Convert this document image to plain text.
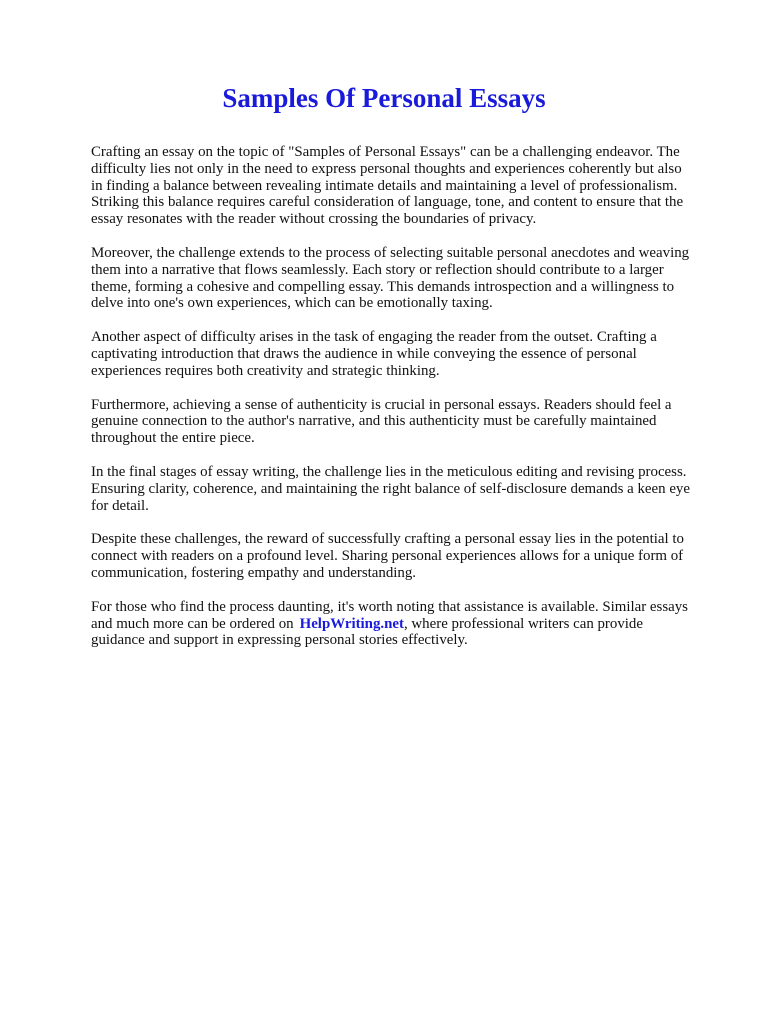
Samples Of Personal Essays

Crafting an essay on the topic of "Samples of Personal Essays" can be a challenging endeavor. The difficulty lies not only in the need to express personal thoughts and experiences coherently but also in finding a balance between revealing intimate details and maintaining a level of professionalism. Striking this balance requires careful consideration of language, tone, and content to ensure that the essay resonates with the reader without crossing the boundaries of privacy.

Moreover, the challenge extends to the process of selecting suitable personal anecdotes and weaving them into a narrative that flows seamlessly. Each story or reflection should contribute to a larger theme, forming a cohesive and compelling essay. This demands introspection and a willingness to delve into one's own experiences, which can be emotionally taxing.

Another aspect of difficulty arises in the task of engaging the reader from the outset. Crafting a captivating introduction that draws the audience in while conveying the essence of personal experiences requires both creativity and strategic thinking.

Furthermore, achieving a sense of authenticity is crucial in personal essays. Readers should feel a genuine connection to the author's narrative, and this authenticity must be carefully maintained throughout the entire piece.

In the final stages of essay writing, the challenge lies in the meticulous editing and revising process. Ensuring clarity, coherence, and maintaining the right balance of self-disclosure demands a keen eye for detail.

Despite these challenges, the reward of successfully crafting a personal essay lies in the potential to connect with readers on a profound level. Sharing personal experiences allows for a unique form of communication, fostering empathy and understanding.

For those who find the process daunting, it's worth noting that assistance is available. Similar essays and much more can be ordered on HelpWriting.net, where professional writers can provide guidance and support in expressing personal stories effectively.
